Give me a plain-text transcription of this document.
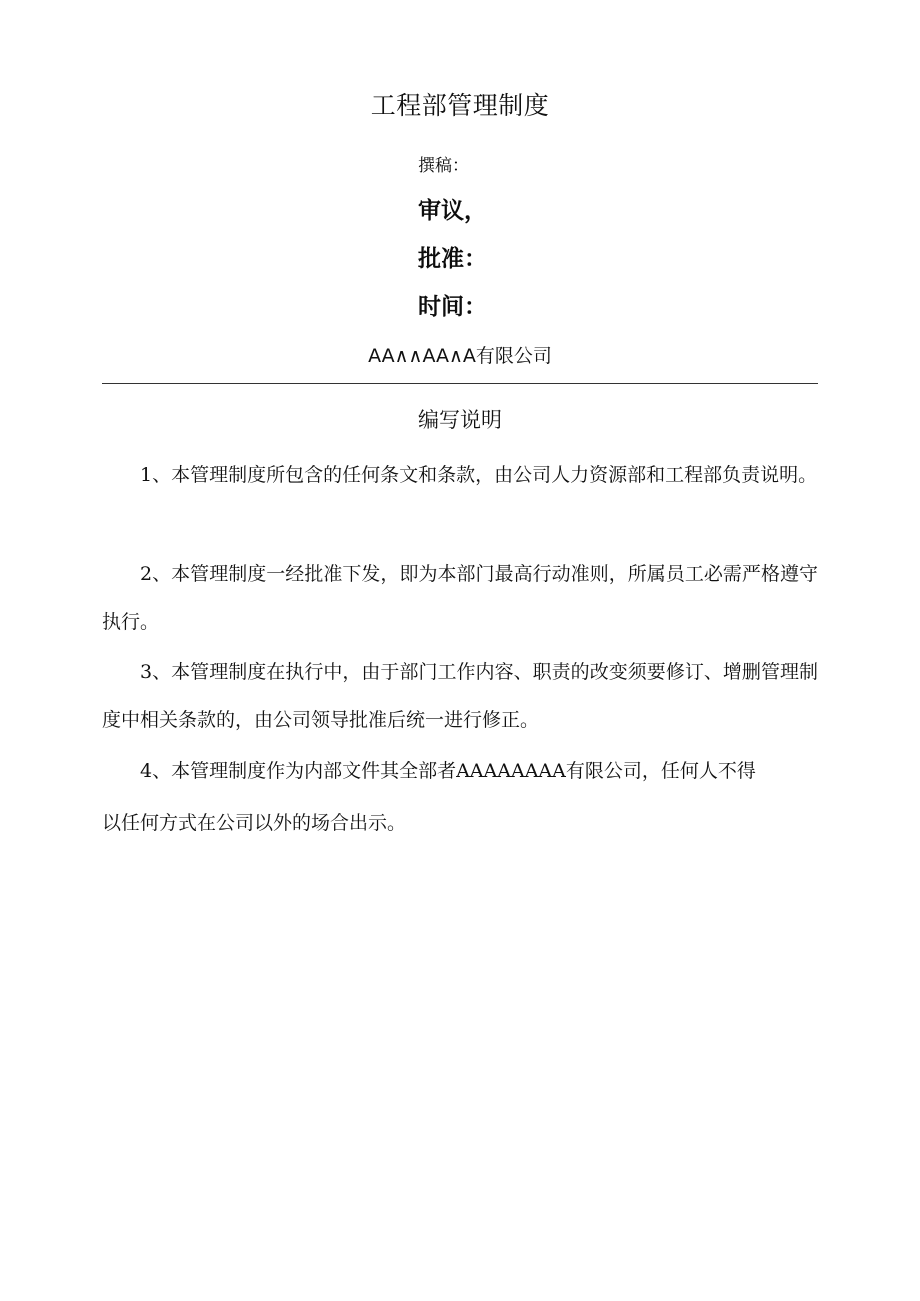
工程部管理制度
撰稿：
审议，
批准：
时间：
AA∧∧AA∧A有限公司
编写说明

1、本管理制度所包含的任何条文和条款，由公司人力资源部和工程部负责说明。

2、本管理制度一经批准下发，即为本部门最高行动准则，所属员工必需严格遵守执行。

3、本管理制度在执行中，由于部门工作内容、职责的改变须要修订、增删管理制度中相关条款的，由公司领导批准后统一进行修正。

4、本管理制度作为内部文件其全部者AAAAAAAA有限公司，任何人不得

以任何方式在公司以外的场合出示。
